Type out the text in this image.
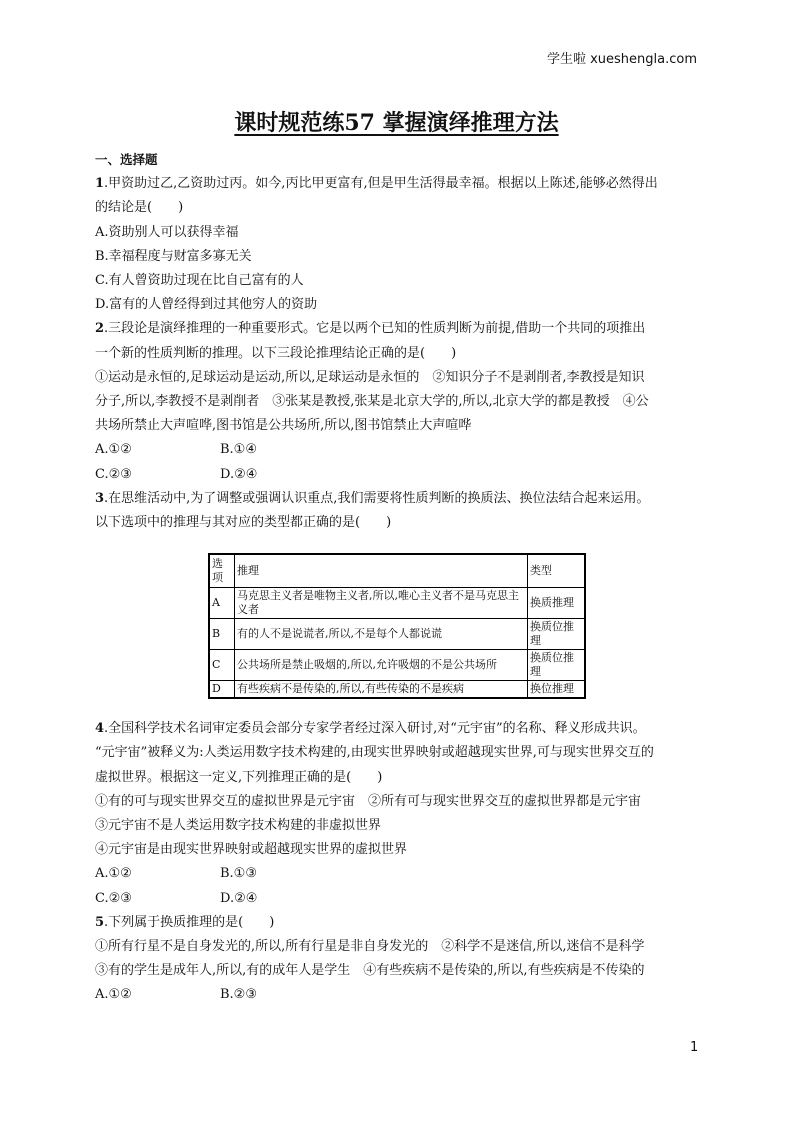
学生啦 xueshengla.com
课时规范练57 掌握演绎推理方法
一、选择题
1.甲资助过乙,乙资助过丙。如今,丙比甲更富有,但是甲生活得最幸福。根据以上陈述,能够必然得出
的结论是(　　)
A.资助别人可以获得幸福
B.幸福程度与财富多寡无关
C.有人曾资助过现在比自己富有的人
D.富有的人曾经得到过其他穷人的资助
2.三段论是演绎推理的一种重要形式。它是以两个已知的性质判断为前提,借助一个共同的项推出
一个新的性质判断的推理。以下三段论推理结论正确的是(　　)
①运动是永恒的,足球运动是运动,所以,足球运动是永恒的　②知识分子不是剥削者,李教授是知识
分子,所以,李教授不是剥削者　③张某是教授,张某是北京大学的,所以,北京大学的都是教授　④公
共场所禁止大声喧哗,图书馆是公共场所,所以,图书馆禁止大声喧哗
A.①②	B.①④
C.②③	D.②④
3.在思维活动中,为了调整或强调认识重点,我们需要将性质判断的换质法、换位法结合起来运用。
以下选项中的推理与其对应的类型都正确的是(　　)
选项	推理	类型
A	马克思主义者是唯物主义者,所以,唯心主义者不是马克思主义者	换质推理
B	有的人不是说谎者,所以,不是每个人都说谎	换质位推理
C	公共场所是禁止吸烟的,所以,允许吸烟的不是公共场所	换质位推理
D	有些疾病不是传染的,所以,有些传染的不是疾病	换位推理
4.全国科学技术名词审定委员会部分专家学者经过深入研讨,对“元宇宙”的名称、释义形成共识。
“元宇宙”被释义为:人类运用数字技术构建的,由现实世界映射或超越现实世界,可与现实世界交互的
虚拟世界。根据这一定义,下列推理正确的是(　　)
①有的可与现实世界交互的虚拟世界是元宇宙　②所有可与现实世界交互的虚拟世界都是元宇宙
③元宇宙不是人类运用数字技术构建的非虚拟世界
④元宇宙是由现实世界映射或超越现实世界的虚拟世界
A.①②	B.①③
C.②③	D.②④
5.下列属于换质推理的是(　　)
①所有行星不是自身发光的,所以,所有行星是非自身发光的　②科学不是迷信,所以,迷信不是科学
③有的学生是成年人,所以,有的成年人是学生　④有些疾病不是传染的,所以,有些疾病是不传染的
A.①②	B.②③
1
